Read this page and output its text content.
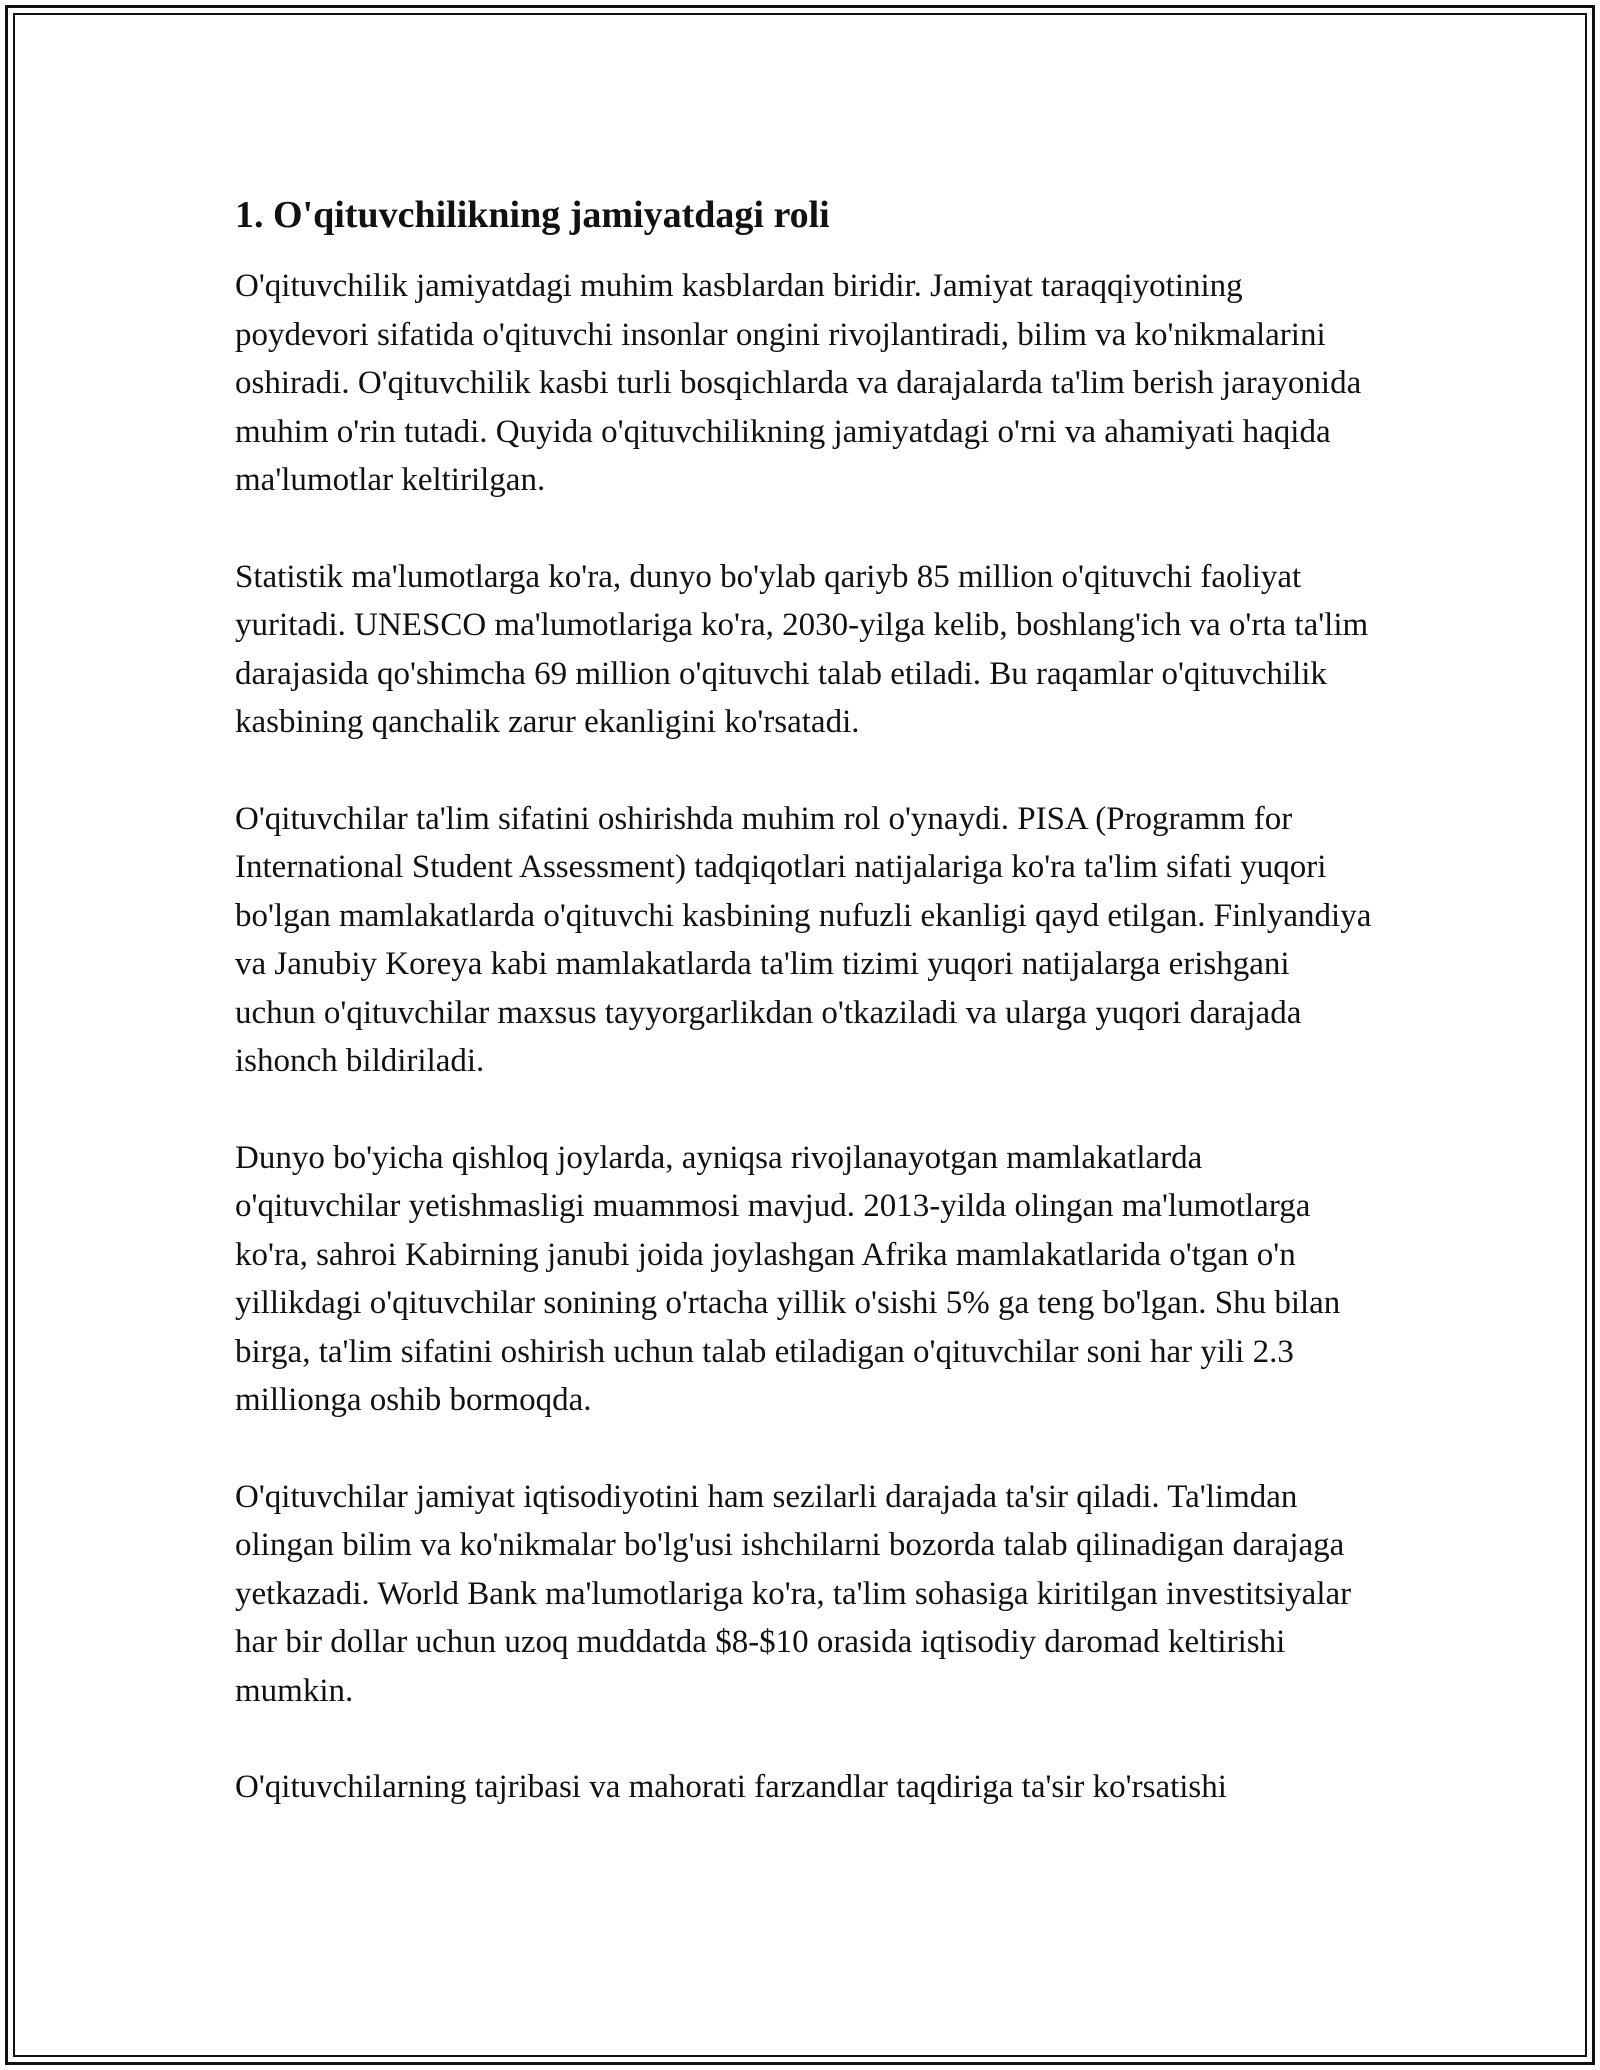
1. O'qituvchilikning jamiyatdagi roli

O'qituvchilik jamiyatdagi muhim kasblardan biridir. Jamiyat taraqqiyotining poydevori sifatida o'qituvchi insonlar ongini rivojlantiradi, bilim va ko'nikmalarini oshiradi. O'qituvchilik kasbi turli bosqichlarda va darajalarda ta'lim berish jarayonida muhim o'rin tutadi. Quyida o'qituvchilikning jamiyatdagi o'rni va ahamiyati haqida ma'lumotlar keltirilgan.

Statistik ma'lumotlarga ko'ra, dunyo bo'ylab qariyb 85 million o'qituvchi faoliyat yuritadi. UNESCO ma'lumotlariga ko'ra, 2030-yilga kelib, boshlang'ich va o'rta ta'lim darajasida qo'shimcha 69 million o'qituvchi talab etiladi. Bu raqamlar o'qituvchilik kasbining qanchalik zarur ekanligini ko'rsatadi.

O'qituvchilar ta'lim sifatini oshirishda muhim rol o'ynaydi. PISA (Programm for International Student Assessment) tadqiqotlari natijalariga ko'ra ta'lim sifati yuqori bo'lgan mamlakatlarda o'qituvchi kasbining nufuzli ekanligi qayd etilgan. Finlyandiya va Janubiy Koreya kabi mamlakatlarda ta'lim tizimi yuqori natijalarga erishgani uchun o'qituvchilar maxsus tayyorgarlikdan o'tkaziladi va ularga yuqori darajada ishonch bildiriladi.

Dunyo bo'yicha qishloq joylarda, ayniqsa rivojlanayotgan mamlakatlarda o'qituvchilar yetishmasligi muammosi mavjud. 2013-yilda olingan ma'lumotlarga ko'ra, sahroi Kabirning janubi joida joylashgan Afrika mamlakatlarida o'tgan o'n yillikdagi o'qituvchilar sonining o'rtacha yillik o'sishi 5% ga teng bo'lgan. Shu bilan birga, ta'lim sifatini oshirish uchun talab etiladigan o'qituvchilar soni har yili 2.3 millionga oshib bormoqda.

O'qituvchilar jamiyat iqtisodiyotini ham sezilarli darajada ta'sir qiladi. Ta'limdan olingan bilim va ko'nikmalar bo'lg'usi ishchilarni bozorda talab qilinadigan darajaga yetkazadi. World Bank ma'lumotlariga ko'ra, ta'lim sohasiga kiritilgan investitsiyalar har bir dollar uchun uzoq muddatda $8-$10 orasida iqtisodiy daromad keltirishi mumkin.

O'qituvchilarning tajribasi va mahorati farzandlar taqdiriga ta'sir ko'rsatishi
